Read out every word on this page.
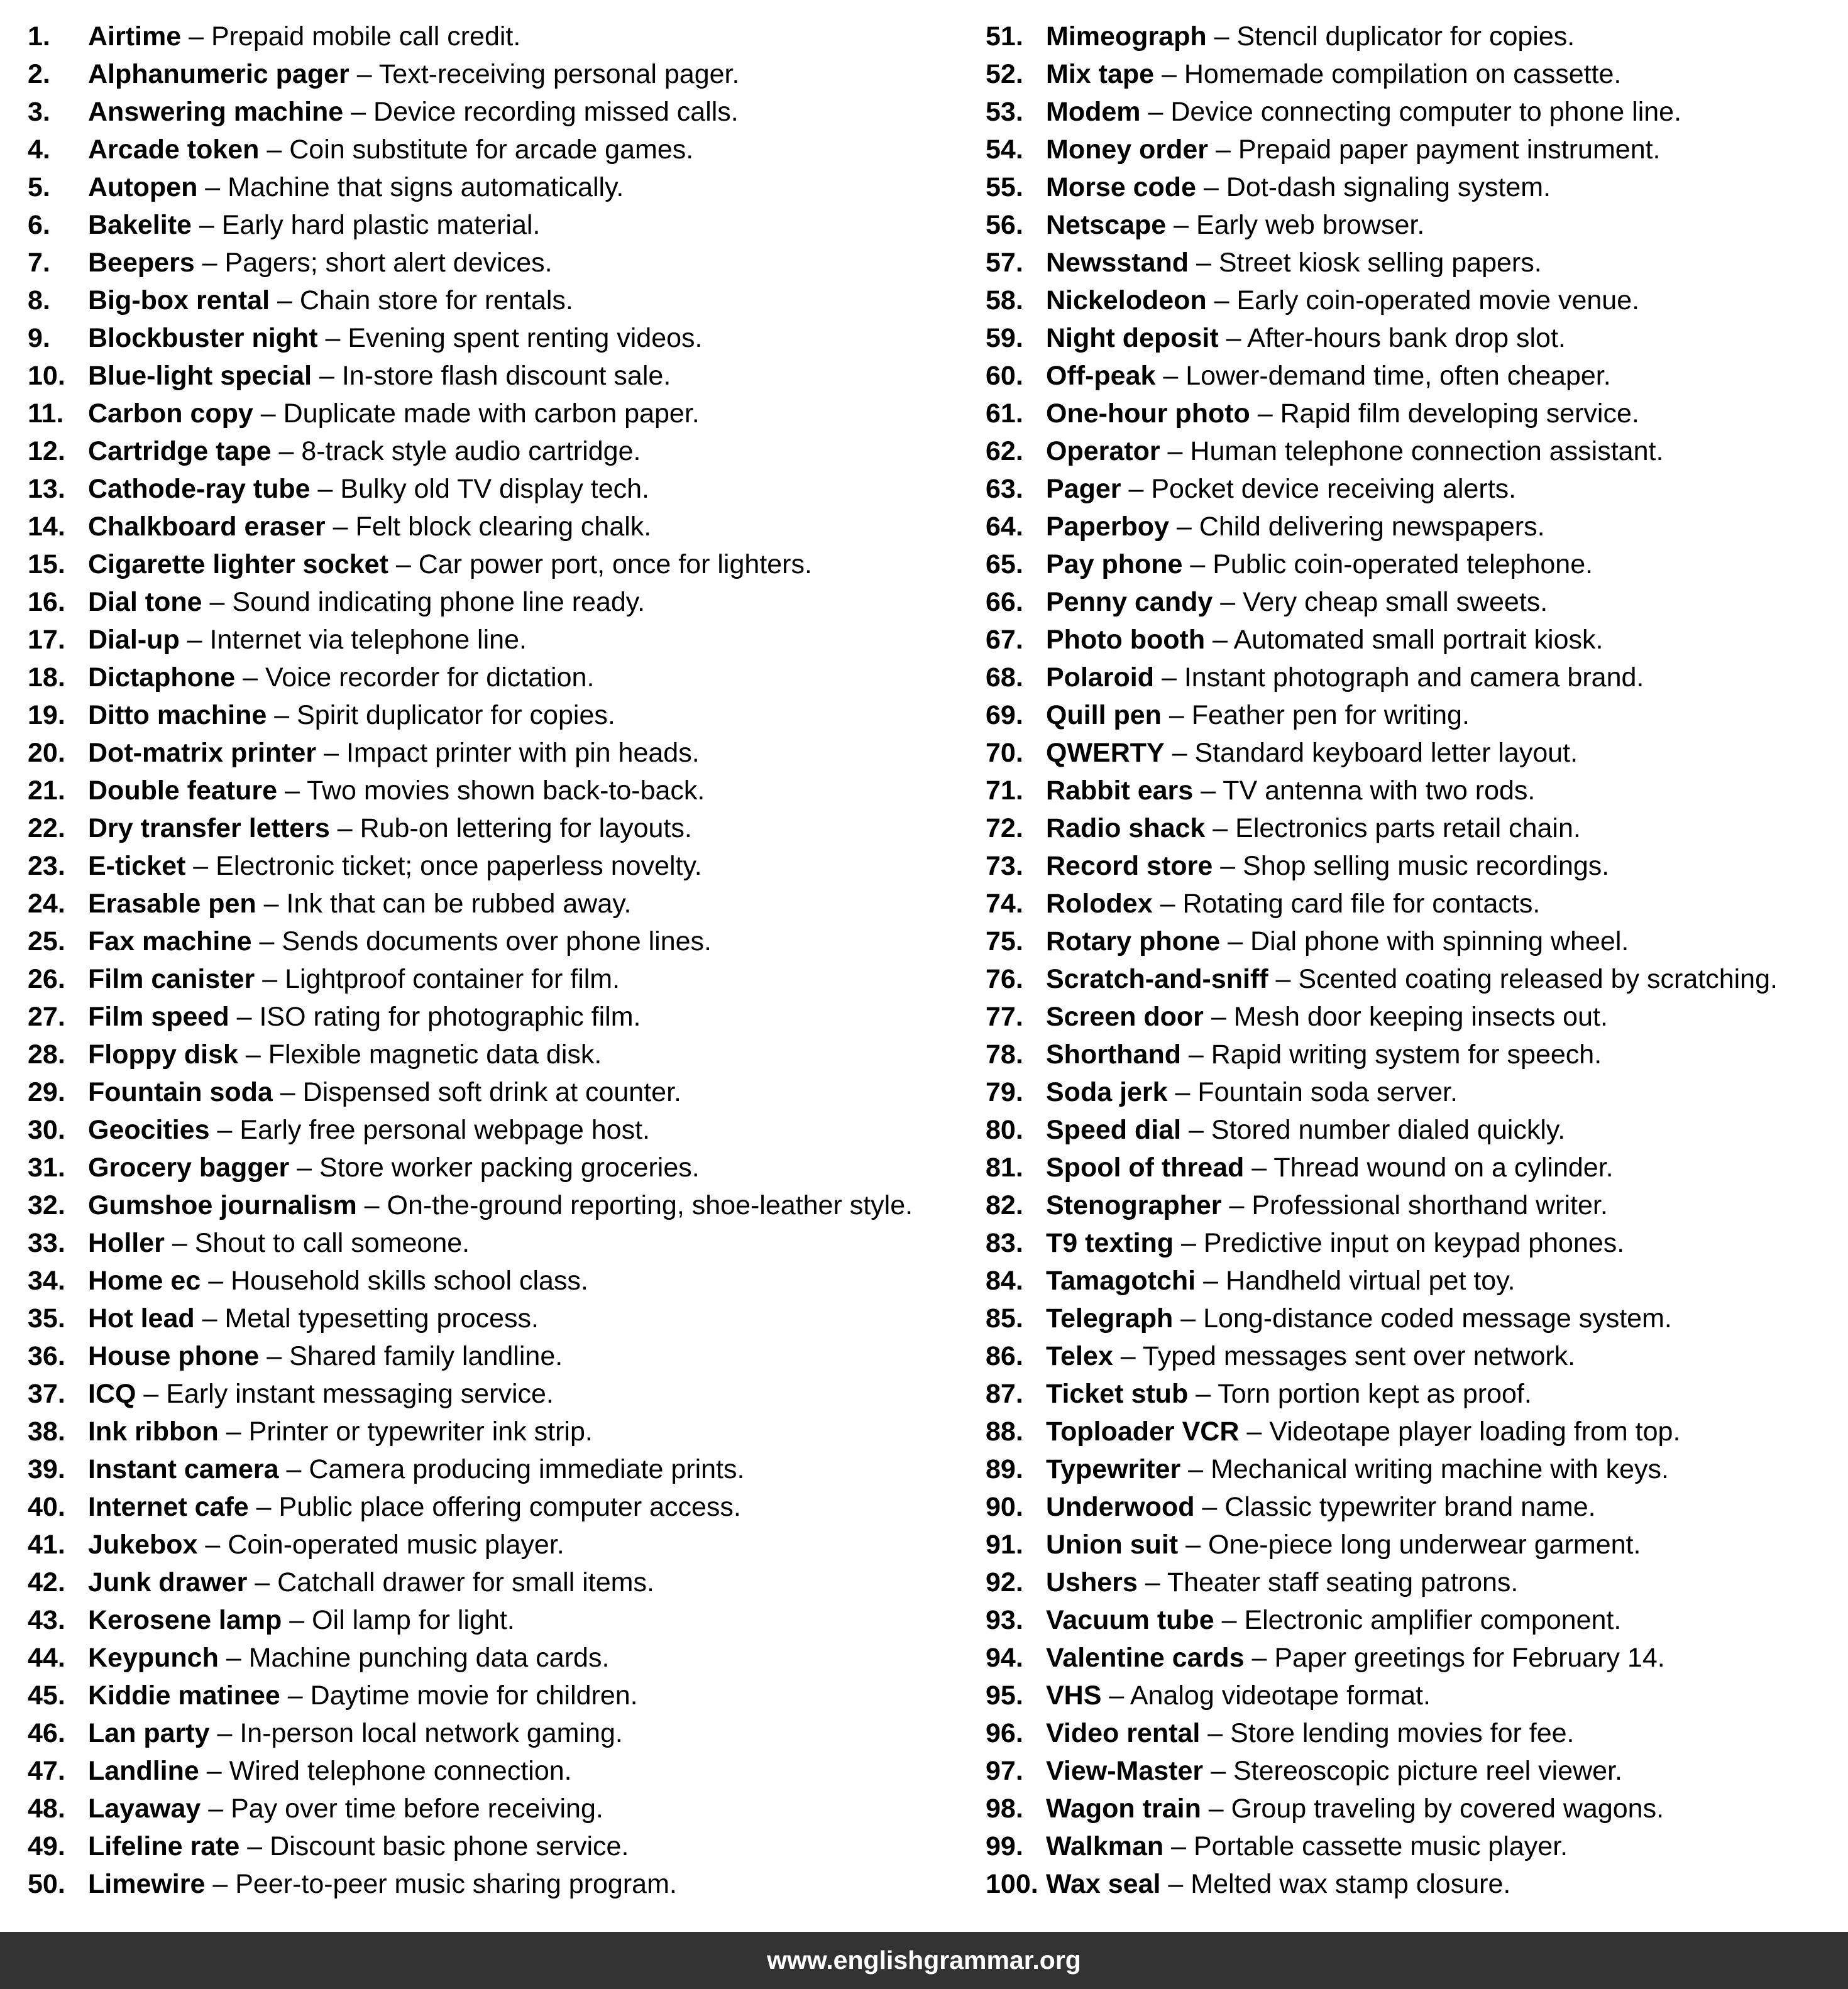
1. Airtime – Prepaid mobile call credit.
2. Alphanumeric pager – Text-receiving personal pager.
3. Answering machine – Device recording missed calls.
4. Arcade token – Coin substitute for arcade games.
5. Autopen – Machine that signs automatically.
6. Bakelite – Early hard plastic material.
7. Beepers – Pagers; short alert devices.
8. Big-box rental – Chain store for rentals.
9. Blockbuster night – Evening spent renting videos.
10. Blue-light special – In-store flash discount sale.
11. Carbon copy – Duplicate made with carbon paper.
12. Cartridge tape – 8-track style audio cartridge.
13. Cathode-ray tube – Bulky old TV display tech.
14. Chalkboard eraser – Felt block clearing chalk.
15. Cigarette lighter socket – Car power port, once for lighters.
16. Dial tone – Sound indicating phone line ready.
17. Dial-up – Internet via telephone line.
18. Dictaphone – Voice recorder for dictation.
19. Ditto machine – Spirit duplicator for copies.
20. Dot-matrix printer – Impact printer with pin heads.
21. Double feature – Two movies shown back-to-back.
22. Dry transfer letters – Rub-on lettering for layouts.
23. E-ticket – Electronic ticket; once paperless novelty.
24. Erasable pen – Ink that can be rubbed away.
25. Fax machine – Sends documents over phone lines.
26. Film canister – Lightproof container for film.
27. Film speed – ISO rating for photographic film.
28. Floppy disk – Flexible magnetic data disk.
29. Fountain soda – Dispensed soft drink at counter.
30. Geocities – Early free personal webpage host.
31. Grocery bagger – Store worker packing groceries.
32. Gumshoe journalism – On-the-ground reporting, shoe-leather style.
33. Holler – Shout to call someone.
34. Home ec – Household skills school class.
35. Hot lead – Metal typesetting process.
36. House phone – Shared family landline.
37. ICQ – Early instant messaging service.
38. Ink ribbon – Printer or typewriter ink strip.
39. Instant camera – Camera producing immediate prints.
40. Internet cafe – Public place offering computer access.
41. Jukebox – Coin-operated music player.
42. Junk drawer – Catchall drawer for small items.
43. Kerosene lamp – Oil lamp for light.
44. Keypunch – Machine punching data cards.
45. Kiddie matinee – Daytime movie for children.
46. Lan party – In-person local network gaming.
47. Landline – Wired telephone connection.
48. Layaway – Pay over time before receiving.
49. Lifeline rate – Discount basic phone service.
50. Limewire – Peer-to-peer music sharing program.
51. Mimeograph – Stencil duplicator for copies.
52. Mix tape – Homemade compilation on cassette.
53. Modem – Device connecting computer to phone line.
54. Money order – Prepaid paper payment instrument.
55. Morse code – Dot-dash signaling system.
56. Netscape – Early web browser.
57. Newsstand – Street kiosk selling papers.
58. Nickelodeon – Early coin-operated movie venue.
59. Night deposit – After-hours bank drop slot.
60. Off-peak – Lower-demand time, often cheaper.
61. One-hour photo – Rapid film developing service.
62. Operator – Human telephone connection assistant.
63. Pager – Pocket device receiving alerts.
64. Paperboy – Child delivering newspapers.
65. Pay phone – Public coin-operated telephone.
66. Penny candy – Very cheap small sweets.
67. Photo booth – Automated small portrait kiosk.
68. Polaroid – Instant photograph and camera brand.
69. Quill pen – Feather pen for writing.
70. QWERTY – Standard keyboard letter layout.
71. Rabbit ears – TV antenna with two rods.
72. Radio shack – Electronics parts retail chain.
73. Record store – Shop selling music recordings.
74. Rolodex – Rotating card file for contacts.
75. Rotary phone – Dial phone with spinning wheel.
76. Scratch-and-sniff – Scented coating released by scratching.
77. Screen door – Mesh door keeping insects out.
78. Shorthand – Rapid writing system for speech.
79. Soda jerk – Fountain soda server.
80. Speed dial – Stored number dialed quickly.
81. Spool of thread – Thread wound on a cylinder.
82. Stenographer – Professional shorthand writer.
83. T9 texting – Predictive input on keypad phones.
84. Tamagotchi – Handheld virtual pet toy.
85. Telegraph – Long-distance coded message system.
86. Telex – Typed messages sent over network.
87. Ticket stub – Torn portion kept as proof.
88. Toploader VCR – Videotape player loading from top.
89. Typewriter – Mechanical writing machine with keys.
90. Underwood – Classic typewriter brand name.
91. Union suit – One-piece long underwear garment.
92. Ushers – Theater staff seating patrons.
93. Vacuum tube – Electronic amplifier component.
94. Valentine cards – Paper greetings for February 14.
95. VHS – Analog videotape format.
96. Video rental – Store lending movies for fee.
97. View-Master – Stereoscopic picture reel viewer.
98. Wagon train – Group traveling by covered wagons.
99. Walkman – Portable cassette music player.
100. Wax seal – Melted wax stamp closure.
www.englishgrammar.org
